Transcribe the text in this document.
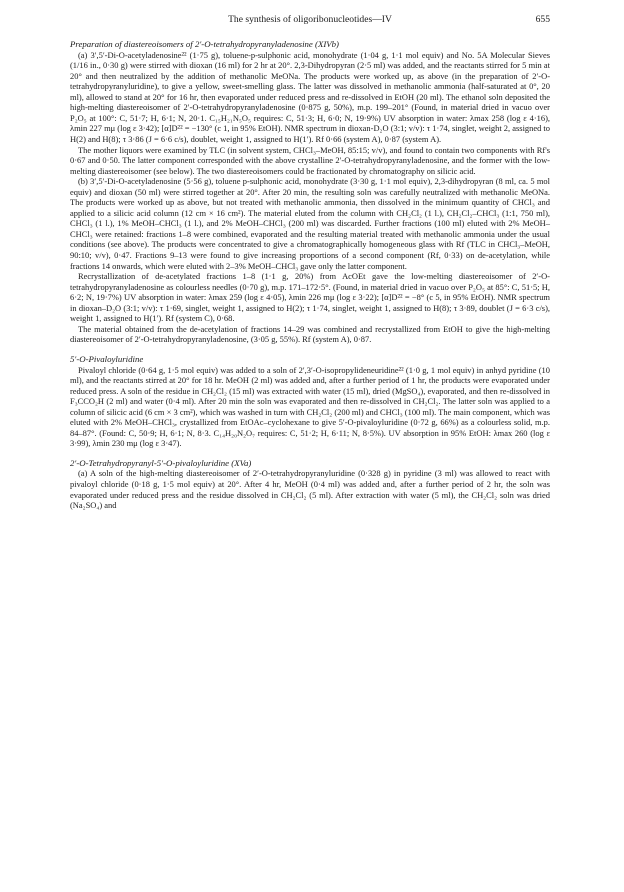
The synthesis of oligoribonucleotides—IV	655

Preparation of diastereoisomers of 2′-O-tetrahydropyranyladenosine (XIVb)

(a) 3′,5′-Di-O-acetyladenosine²² (1·75 g), toluene-p-sulphonic acid, monohydrate (1·04 g, 1·1 mol equiv) and No. 5A Molecular Sieves (1/16 in., 0·30 g) were stirred with dioxan (16 ml) for 2 hr at 20°. 2,3-Dihydropyran (2·5 ml) was added, and the reactants stirred for 5 min at 20° and then neutralized by the addition of methanolic MeONa. The products were worked up, as above (in the preparation of 2′-O-tetrahydropyranyluridine), to give a yellow, sweet-smelling glass. The latter was dissolved in methanolic ammonia (half-saturated at 0°, 20 ml), allowed to stand at 20° for 16 hr, then evaporated under reduced press and re-dissolved in EtOH (20 ml). The ethanol soln deposited the high-melting diastereoisomer of 2′-O-tetrahydropyranyladenosine (0·875 g, 50%), m.p. 199–201° (Found, in material dried in vacuo over P₂O₅ at 100°: C, 51·7; H, 6·1; N, 20·1. C₁₅H₂₁N₅O₅ requires: C, 51·3; H, 6·0; N, 19·9%) UV absorption in water: λmax 258 (log ε 4·16), λmin 227 mμ (log ε 3·42); [α]D²² = −130° (c 1, in 95% EtOH). NMR spectrum in dioxan-D₂O (3:1; v/v): τ 1·74, singlet, weight 2, assigned to H(2) and H(8); τ 3·86 (J = 6·6 c/s), doublet, weight 1, assigned to H(1′). Rf 0·66 (system A), 0·87 (system A).

The mother liquors were examined by TLC (in solvent system, CHCl₃–MeOH, 85:15; v/v), and found to contain two components with Rf's 0·67 and 0·50. The latter component corresponded with the above crystalline 2′-O-tetrahydropyranyladenosine, and the former with the low-melting diastereoisomer (see below). The two diastereoisomers could be fractionated by chromatography on silicic acid.

(b) 3′,5′-Di-O-acetyladenosine (5·56 g), toluene p-sulphonic acid, monohydrate (3·30 g, 1·1 mol equiv), 2,3-dihydropyran (8 ml, ca. 5 mol equiv) and dioxan (50 ml) were stirred together at 20°. After 20 min, the resulting soln was carefully neutralized with methanolic MeONa. The products were worked up as above, but not treated with methanolic ammonia, then dissolved in the minimum quantity of CHCl₃ and applied to a silicic acid column (12 cm × 16 cm²). The material eluted from the column with CH₂Cl₂ (1 l.), CH₂Cl₂–CHCl₃ (1:1, 750 ml), CHCl₃ (1 l.), 1% MeOH–CHCl₃ (1 l.), and 2% MeOH–CHCl₃ (200 ml) was discarded. Further fractions (100 ml) eluted with 2% MeOH–CHCl₃ were retained: fractions 1–8 were combined, evaporated and the resulting material treated with methanolic ammonia under the usual conditions (see above). The products were concentrated to give a chromatographically homogeneous glass with Rf (TLC in CHCl₃–MeOH, 90:10; v/v), 0·47. Fractions 9–13 were found to give increasing proportions of a second component (Rf, 0·33) on de-acetylation, while fractions 14 onwards, which were eluted with 2–3% MeOH–CHCl₃ gave only the latter component.

Recrystallization of de-acetylated fractions 1–8 (1·1 g, 20%) from AcOEt gave the low-melting diastereoisomer of 2′-O-tetrahydropyranyladenosine as colourless needles (0·70 g), m.p. 171–172·5°. (Found, in material dried in vacuo over P₂O₅ at 85°: C, 51·5; H, 6·2; N, 19·7%) UV absorption in water: λmax 259 (log ε 4·05), λmin 226 mμ (log ε 3·22); [α]D²² = −8° (c 5, in 95% EtOH). NMR spectrum in dioxan–D₂O (3:1; v/v): τ 1·69, singlet, weight 1, assigned to H(2); τ 1·74, singlet, weight 1, assigned to H(8); τ 3·89, doublet (J = 6·3 c/s), weight 1, assigned to H(1′). Rf (system C), 0·68.

The material obtained from the de-acetylation of fractions 14–29 was combined and recrystallized from EtOH to give the high-melting diastereoisomer of 2′-O-tetrahydropyranyladenosine, (3·05 g, 55%). Rf (system A), 0·87.

5′-O-Pivaloyluridine

Pivaloyl chloride (0·64 g, 1·5 mol equiv) was added to a soln of 2′,3′-O-isopropylideneuridine²² (1·0 g, 1 mol equiv) in anhyd pyridine (10 ml), and the reactants stirred at 20° for 18 hr. MeOH (2 ml) was added and, after a further period of 1 hr, the products were evaporated under reduced press. A soln of the residue in CH₂Cl₂ (15 ml) was extracted with water (15 ml), dried (MgSO₄), evaporated, and then re-dissolved in F₃CCO₂H (2 ml) and water (0·4 ml). After 20 min the soln was evaporated and then re-dissolved in CH₂Cl₂. The latter soln was applied to a column of silicic acid (6 cm × 3 cm²), which was washed in turn with CH₂Cl₂ (200 ml) and CHCl₃ (100 ml). The main component, which was eluted with 2% MeOH–CHCl₃, crystallized from EtOAc–cyclohexane to give 5′-O-pivaloyluridine (0·72 g, 66%) as a colourless solid, m.p. 84–87°. (Found: C, 50·9; H, 6·1; N, 8·3. C₁₄H₂₀N₂O₇ requires: C, 51·2; H, 6·11; N, 8·5%). UV absorption in 95% EtOH: λmax 260 (log ε 3·99), λmin 230 mμ (log ε 3·47).

2′-O-Tetrahydropyranyl-5′-O-pivaloyluridine (XVa)

(a) A soln of the high-melting diastereoisomer of 2′-O-tetrahydropyranyluridine (0·328 g) in pyridine (3 ml) was allowed to react with pivaloyl chloride (0·18 g, 1·5 mol equiv) at 20°. After 4 hr, MeOH (0·4 ml) was added and, after a further period of 2 hr, the soln was evaporated under reduced press and the residue dissolved in CH₂Cl₂ (5 ml). After extraction with water (5 ml), the CH₂Cl₂ soln was dried (Na₂SO₄) and
